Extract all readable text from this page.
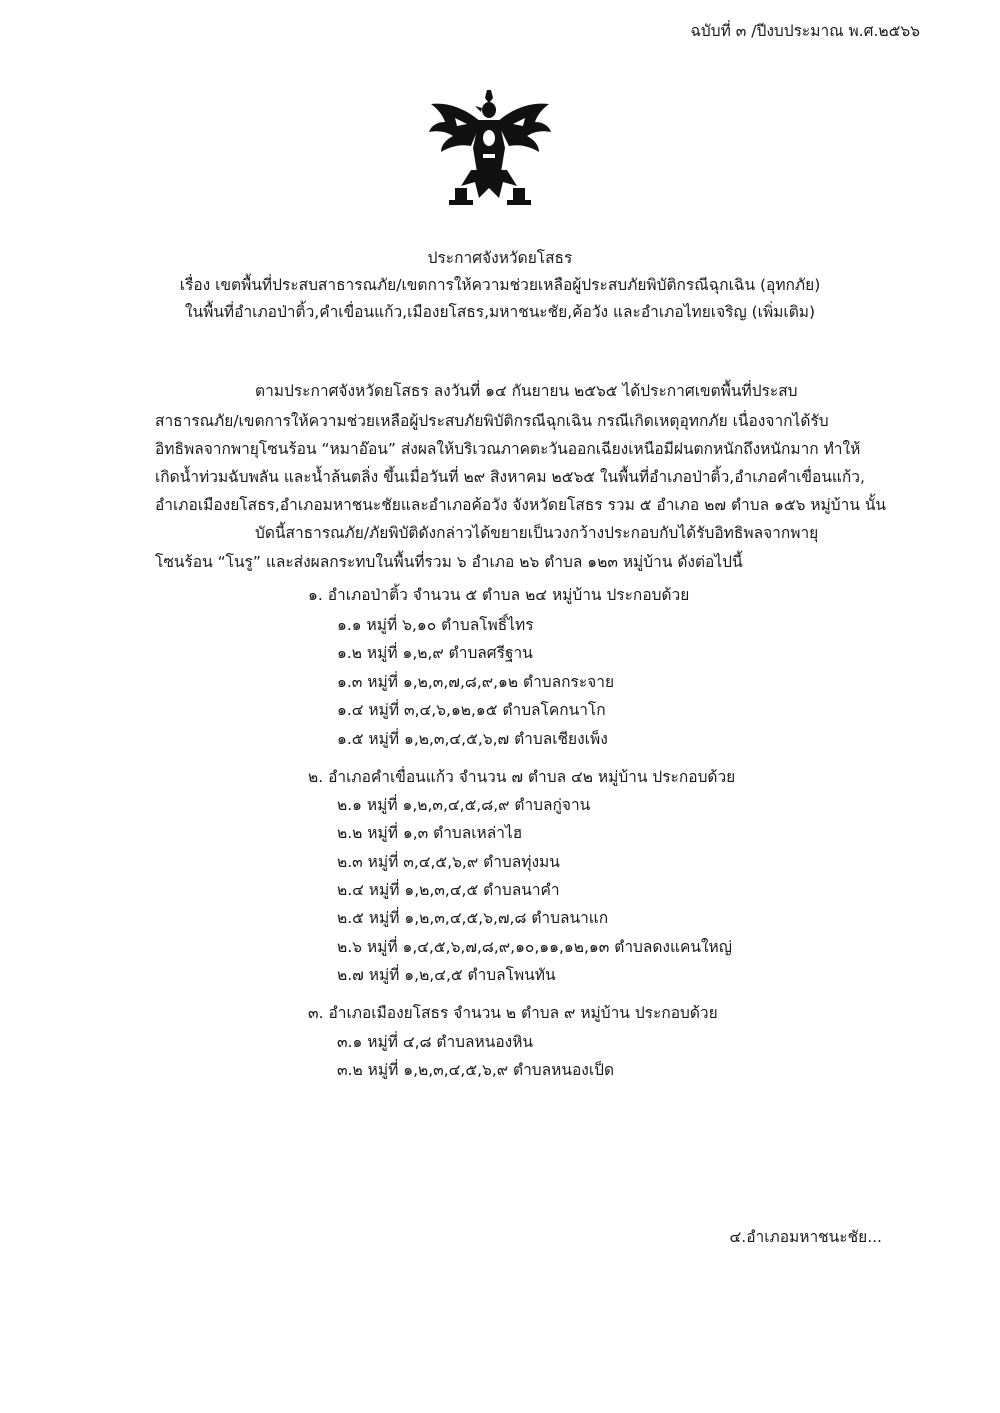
ฉบับที่ ๓ /ปีงบประมาณ พ.ศ.๒๕๖๖
ประกาศจังหวัดยโสธร
เรื่อง เขตพื้นที่ประสบสาธารณภัย/เขตการให้ความช่วยเหลือผู้ประสบภัยพิบัติกรณีฉุกเฉิน (อุทกภัย)
ในพื้นที่อำเภอป่าติ้ว,คำเขื่อนแก้ว,เมืองยโสธร,มหาชนะชัย,ค้อวัง และอำเภอไทยเจริญ (เพิ่มเติม)
ตามประกาศจังหวัดยโสธร ลงวันที่ ๑๔ กันยายน ๒๕๖๕ ได้ประกาศเขตพื้นที่ประสบ
สาธารณภัย/เขตการให้ความช่วยเหลือผู้ประสบภัยพิบัติกรณีฉุกเฉิน กรณีเกิดเหตุอุทกภัย เนื่องจากได้รับ
อิทธิพลจากพายุโซนร้อน “หมาอ๊อน” ส่งผลให้บริเวณภาคตะวันออกเฉียงเหนือมีฝนตกหนักถึงหนักมาก ทำให้
เกิดน้ำท่วมฉับพลัน และน้ำล้นตลิ่ง ขึ้นเมื่อวันที่ ๒๙ สิงหาคม ๒๕๖๕ ในพื้นที่อำเภอป่าติ้ว,อำเภอคำเขื่อนแก้ว,
อำเภอเมืองยโสธร,อำเภอมหาชนะชัยและอำเภอค้อวัง จังหวัดยโสธร รวม ๕ อำเภอ ๒๗ ตำบล ๑๕๖ หมู่บ้าน นั้น
บัดนี้สาธารณภัย/ภัยพิบัติดังกล่าวได้ขยายเป็นวงกว้างประกอบกับได้รับอิทธิพลจากพายุ
โซนร้อน “โนรู” และส่งผลกระทบในพื้นที่รวม ๖ อำเภอ ๒๖ ตำบล ๑๒๓ หมู่บ้าน ดังต่อไปนี้
๑. อำเภอป่าติ้ว จำนวน ๕ ตำบล ๒๔ หมู่บ้าน ประกอบด้วย
๑.๑ หมู่ที่ ๖,๑๐ ตำบลโพธิ์ไทร
๑.๒ หมู่ที่ ๑,๒,๙ ตำบลศรีฐาน
๑.๓ หมู่ที่ ๑,๒,๓,๗,๘,๙,๑๒ ตำบลกระจาย
๑.๔ หมู่ที่ ๓,๔,๖,๑๒,๑๕ ตำบลโคกนาโก
๑.๕ หมู่ที่ ๑,๒,๓,๔,๕,๖,๗ ตำบลเชียงเพ็ง
๒. อำเภอคำเขื่อนแก้ว จำนวน ๗ ตำบล ๔๒ หมู่บ้าน ประกอบด้วย
๒.๑ หมู่ที่ ๑,๒,๓,๔,๕,๘,๙ ตำบลกู่จาน
๒.๒ หมู่ที่ ๑,๓ ตำบลเหล่าไฮ
๒.๓ หมู่ที่ ๓,๔,๕,๖,๙ ตำบลทุ่งมน
๒.๔ หมู่ที่ ๑,๒,๓,๔,๕ ตำบลนาคำ
๒.๕ หมู่ที่ ๑,๒,๓,๔,๕,๖,๗,๘ ตำบลนาแก
๒.๖ หมู่ที่ ๑,๔,๕,๖,๗,๘,๙,๑๐,๑๑,๑๒,๑๓ ตำบลดงแคนใหญ่
๒.๗ หมู่ที่ ๑,๒,๔,๕ ตำบลโพนทัน
๓. อำเภอเมืองยโสธร จำนวน ๒ ตำบล ๙ หมู่บ้าน ประกอบด้วย
๓.๑ หมู่ที่ ๔,๘ ตำบลหนองหิน
๓.๒ หมู่ที่ ๑,๒,๓,๔,๕,๖,๙ ตำบลหนองเป็ด
๔.อำเภอมหาชนะชัย...
